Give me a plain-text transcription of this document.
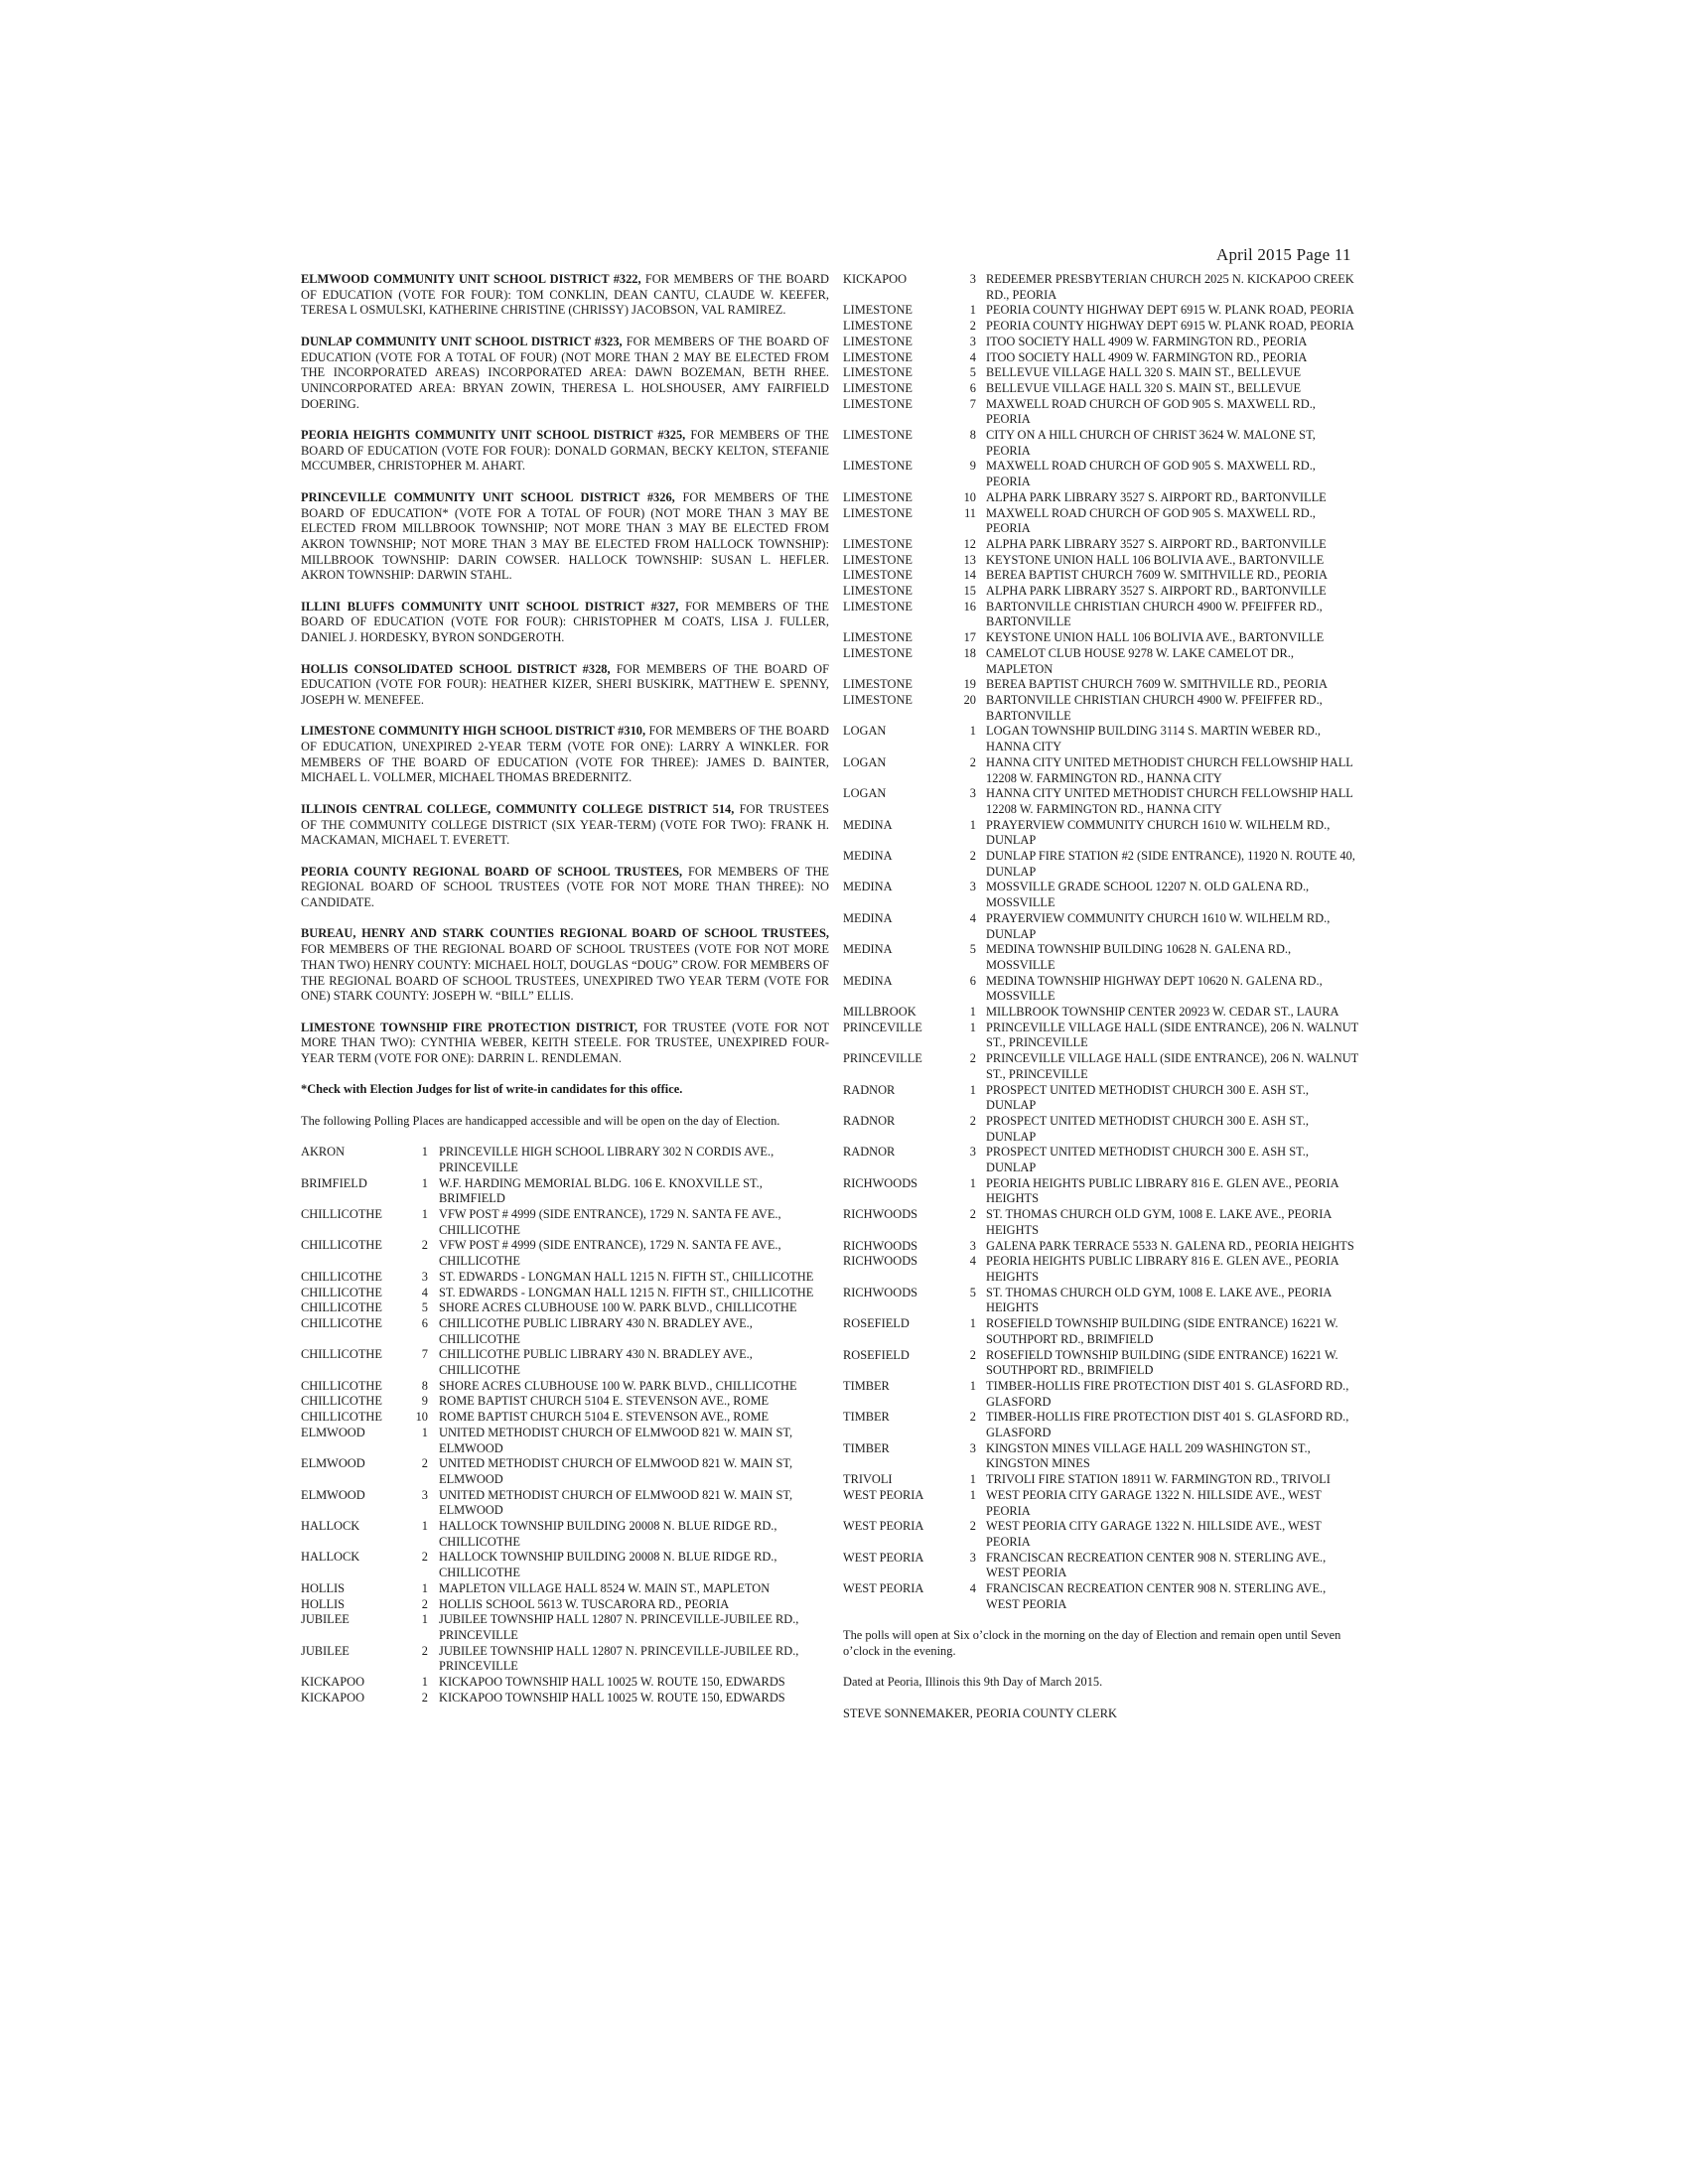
April 2015 Page 11
ELMWOOD COMMUNITY UNIT SCHOOL DISTRICT #322, FOR MEMBERS OF THE BOARD OF EDUCATION (VOTE FOR FOUR): TOM CONKLIN, DEAN CANTU, CLAUDE W. KEEFER, TERESA L OSMULSKI, KATHERINE CHRISTINE (CHRISSY) JACOBSON, VAL RAMIREZ.
DUNLAP COMMUNITY UNIT SCHOOL DISTRICT #323, FOR MEMBERS OF THE BOARD OF EDUCATION (VOTE FOR A TOTAL OF FOUR) (NOT MORE THAN 2 MAY BE ELECTED FROM THE INCORPORATED AREAS) INCORPORATED AREA: DAWN BOZEMAN, BETH RHEE. UNINCORPORATED AREA: BRYAN ZOWIN, THERESA L. HOLSHOUSER, AMY FAIRFIELD DOERING.
PEORIA HEIGHTS COMMUNITY UNIT SCHOOL DISTRICT #325, FOR MEMBERS OF THE BOARD OF EDUCATION (VOTE FOR FOUR): DONALD GORMAN, BECKY KELTON, STEFANIE MCCUMBER, CHRISTOPHER M. AHART.
PRINCEVILLE COMMUNITY UNIT SCHOOL DISTRICT #326, FOR MEMBERS OF THE BOARD OF EDUCATION* (VOTE FOR A TOTAL OF FOUR) (NOT MORE THAN 3 MAY BE ELECTED FROM MILLBROOK TOWNSHIP; NOT MORE THAN 3 MAY BE ELECTED FROM AKRON TOWNSHIP; NOT MORE THAN 3 MAY BE ELECTED FROM HALLOCK TOWNSHIP): MILLBROOK TOWNSHIP: DARIN COWSER. HALLOCK TOWNSHIP: SUSAN L. HEFLER. AKRON TOWNSHIP: DARWIN STAHL.
ILLINI BLUFFS COMMUNITY UNIT SCHOOL DISTRICT #327, FOR MEMBERS OF THE BOARD OF EDUCATION (VOTE FOR FOUR): CHRISTOPHER M COATS, LISA J. FULLER, DANIEL J. HORDESKY, BYRON SONDGEROTH.
HOLLIS CONSOLIDATED SCHOOL DISTRICT #328, FOR MEMBERS OF THE BOARD OF EDUCATION (VOTE FOR FOUR): HEATHER KIZER, SHERI BUSKIRK, MATTHEW E. SPENNY, JOSEPH W. MENEFEE.
LIMESTONE COMMUNITY HIGH SCHOOL DISTRICT #310, FOR MEMBERS OF THE BOARD OF EDUCATION, UNEXPIRED 2-YEAR TERM (VOTE FOR ONE): LARRY A WINKLER. FOR MEMBERS OF THE BOARD OF EDUCATION (VOTE FOR THREE): JAMES D. BAINTER, MICHAEL L. VOLLMER, MICHAEL THOMAS BREDERNITZ.
ILLINOIS CENTRAL COLLEGE, COMMUNITY COLLEGE DISTRICT 514, FOR TRUSTEES OF THE COMMUNITY COLLEGE DISTRICT (SIX YEAR-TERM) (VOTE FOR TWO): FRANK H. MACKAMAN, MICHAEL T. EVERETT.
PEORIA COUNTY REGIONAL BOARD OF SCHOOL TRUSTEES, FOR MEMBERS OF THE REGIONAL BOARD OF SCHOOL TRUSTEES (VOTE FOR NOT MORE THAN THREE): NO CANDIDATE.
BUREAU, HENRY AND STARK COUNTIES REGIONAL BOARD OF SCHOOL TRUSTEES, FOR MEMBERS OF THE REGIONAL BOARD OF SCHOOL TRUSTEES (VOTE FOR NOT MORE THAN TWO) HENRY COUNTY: MICHAEL HOLT, DOUGLAS “DOUG” CROW. FOR MEMBERS OF THE REGIONAL BOARD OF SCHOOL TRUSTEES, UNEXPIRED TWO YEAR TERM (VOTE FOR ONE) STARK COUNTY: JOSEPH W. “BILL” ELLIS.
LIMESTONE TOWNSHIP FIRE PROTECTION DISTRICT, FOR TRUSTEE (VOTE FOR NOT MORE THAN TWO): CYNTHIA WEBER, KEITH STEELE. FOR TRUSTEE, UNEXPIRED FOUR-YEAR TERM (VOTE FOR ONE): DARRIN L. RENDLEMAN.
*Check with Election Judges for list of write-in candidates for this office.
The following Polling Places are handicapped accessible and will be open on the day of Election.
AKRON	1 PRINCEVILLE HIGH SCHOOL LIBRARY 302 N CORDIS AVE., PRINCEVILLE
BRIMFIELD	1 W.F. HARDING MEMORIAL BLDG. 106 E. KNOXVILLE ST., BRIMFIELD
CHILLICOTHE	1 VFW POST # 4999 (SIDE ENTRANCE), 1729 N. SANTA FE AVE., CHILLICOTHE
CHILLICOTHE	2 VFW POST # 4999 (SIDE ENTRANCE), 1729 N. SANTA FE AVE., CHILLICOTHE
CHILLICOTHE	3 ST. EDWARDS - LONGMAN HALL 1215 N. FIFTH ST., CHILLICOTHE
CHILLICOTHE	4 ST. EDWARDS - LONGMAN HALL 1215 N. FIFTH ST., CHILLICOTHE
CHILLICOTHE	5 SHORE ACRES CLUBHOUSE 100 W. PARK BLVD., CHILLICOTHE
CHILLICOTHE	6 CHILLICOTHE PUBLIC LIBRARY 430 N. BRADLEY AVE., CHILLICOTHE
CHILLICOTHE	7 CHILLICOTHE PUBLIC LIBRARY 430 N. BRADLEY AVE., CHILLICOTHE
CHILLICOTHE	8 SHORE ACRES CLUBHOUSE 100 W. PARK BLVD., CHILLICOTHE
CHILLICOTHE	9 ROME BAPTIST CHURCH 5104 E. STEVENSON AVE., ROME
CHILLICOTHE	10 ROME BAPTIST CHURCH 5104 E. STEVENSON AVE., ROME
ELMWOOD	1 UNITED METHODIST CHURCH OF ELMWOOD 821 W. MAIN ST, ELMWOOD
ELMWOOD	2 UNITED METHODIST CHURCH OF ELMWOOD 821 W. MAIN ST, ELMWOOD
ELMWOOD	3 UNITED METHODIST CHURCH OF ELMWOOD 821 W. MAIN ST, ELMWOOD
HALLOCK	1 HALLOCK TOWNSHIP BUILDING 20008 N. BLUE RIDGE RD., CHILLICOTHE
HALLOCK	2 HALLOCK TOWNSHIP BUILDING 20008 N. BLUE RIDGE RD., CHILLICOTHE
HOLLIS	1 MAPLETON VILLAGE HALL 8524 W. MAIN ST., MAPLETON
HOLLIS	2 HOLLIS SCHOOL 5613 W. TUSCARORA RD., PEORIA
JUBILEE	1 JUBILEE TOWNSHIP HALL 12807 N. PRINCEVILLE-JUBILEE RD., PRINCEVILLE
JUBILEE	2 JUBILEE TOWNSHIP HALL 12807 N. PRINCEVILLE-JUBILEE RD., PRINCEVILLE
KICKAPOO	1 KICKAPOO TOWNSHIP HALL 10025 W. ROUTE 150, EDWARDS
KICKAPOO	2 KICKAPOO TOWNSHIP HALL 10025 W. ROUTE 150, EDWARDS
KICKAPOO	3 REDEEMER PRESBYTERIAN CHURCH 2025 N. KICKAPOO CREEK RD., PEORIA
LIMESTONE	1 PEORIA COUNTY HIGHWAY DEPT 6915 W. PLANK ROAD, PEORIA
LIMESTONE	2 PEORIA COUNTY HIGHWAY DEPT 6915 W. PLANK ROAD, PEORIA
LIMESTONE	3 ITOO SOCIETY HALL 4909 W. FARMINGTON RD., PEORIA
LIMESTONE	4 ITOO SOCIETY HALL 4909 W. FARMINGTON RD., PEORIA
LIMESTONE	5 BELLEVUE VILLAGE HALL 320 S. MAIN ST., BELLEVUE
LIMESTONE	6 BELLEVUE VILLAGE HALL 320 S. MAIN ST., BELLEVUE
LIMESTONE	7 MAXWELL ROAD CHURCH OF GOD 905 S. MAXWELL RD., PEORIA
LIMESTONE	8 CITY ON A HILL CHURCH OF CHRIST 3624 W. MALONE ST, PEORIA
LIMESTONE	9 MAXWELL ROAD CHURCH OF GOD 905 S. MAXWELL RD., PEORIA
LIMESTONE	10 ALPHA PARK LIBRARY 3527 S. AIRPORT RD., BARTONVILLE
LIMESTONE	11 MAXWELL ROAD CHURCH OF GOD 905 S. MAXWELL RD., PEORIA
LIMESTONE	12 ALPHA PARK LIBRARY 3527 S. AIRPORT RD., BARTONVILLE
LIMESTONE	13 KEYSTONE UNION HALL 106 BOLIVIA AVE., BARTONVILLE
LIMESTONE	14 BEREA BAPTIST CHURCH 7609 W. SMITHVILLE RD., PEORIA
LIMESTONE	15 ALPHA PARK LIBRARY 3527 S. AIRPORT RD., BARTONVILLE
LIMESTONE	16 BARTONVILLE CHRISTIAN CHURCH 4900 W. PFEIFFER RD., BARTONVILLE
LIMESTONE	17 KEYSTONE UNION HALL 106 BOLIVIA AVE., BARTONVILLE
LIMESTONE	18 CAMELOT CLUB HOUSE 9278 W. LAKE CAMELOT DR., MAPLETON
LIMESTONE	19 BEREA BAPTIST CHURCH 7609 W. SMITHVILLE RD., PEORIA
LIMESTONE	20 BARTONVILLE CHRISTIAN CHURCH 4900 W. PFEIFFER RD., BARTONVILLE
LOGAN	1 LOGAN TOWNSHIP BUILDING 3114 S. MARTIN WEBER RD., HANNA CITY
LOGAN	2 HANNA CITY UNITED METHODIST CHURCH FELLOWSHIP HALL 12208 W. FARMINGTON RD., HANNA CITY
LOGAN	3 HANNA CITY UNITED METHODIST CHURCH FELLOWSHIP HALL 12208 W. FARMINGTON RD., HANNA CITY
MEDINA	1 PRAYERVIEW COMMUNITY CHURCH 1610 W. WILHELM RD., DUNLAP
MEDINA	2 DUNLAP FIRE STATION #2 (SIDE ENTRANCE), 11920 N. ROUTE 40, DUNLAP
MEDINA	3 MOSSVILLE GRADE SCHOOL 12207 N. OLD GALENA RD., MOSSVILLE
MEDINA	4 PRAYERVIEW COMMUNITY CHURCH 1610 W. WILHELM RD., DUNLAP
MEDINA	5 MEDINA TOWNSHIP BUILDING 10628 N. GALENA RD., MOSSVILLE
MEDINA	6 MEDINA TOWNSHIP HIGHWAY DEPT 10620 N. GALENA RD., MOSSVILLE
MILLBROOK	1 MILLBROOK TOWNSHIP CENTER 20923 W. CEDAR ST., LAURA
PRINCEVILLE	1 PRINCEVILLE VILLAGE HALL (SIDE ENTRANCE), 206 N. WALNUT ST., PRINCEVILLE
PRINCEVILLE	2 PRINCEVILLE VILLAGE HALL (SIDE ENTRANCE), 206 N. WALNUT ST., PRINCEVILLE
RADNOR	1 PROSPECT UNITED METHODIST CHURCH 300 E. ASH ST., DUNLAP
RADNOR	2 PROSPECT UNITED METHODIST CHURCH 300 E. ASH ST., DUNLAP
RADNOR	3 PROSPECT UNITED METHODIST CHURCH 300 E. ASH ST., DUNLAP
RICHWOODS	1 PEORIA HEIGHTS PUBLIC LIBRARY 816 E. GLEN AVE., PEORIA HEIGHTS
RICHWOODS	2 ST. THOMAS CHURCH OLD GYM, 1008 E. LAKE AVE., PEORIA HEIGHTS
RICHWOODS	3 GALENA PARK TERRACE 5533 N. GALENA RD., PEORIA HEIGHTS
RICHWOODS	4 PEORIA HEIGHTS PUBLIC LIBRARY 816 E. GLEN AVE., PEORIA HEIGHTS
RICHWOODS	5 ST. THOMAS CHURCH OLD GYM, 1008 E. LAKE AVE., PEORIA HEIGHTS
ROSEFIELD	1 ROSEFIELD TOWNSHIP BUILDING (SIDE ENTRANCE) 16221 W. SOUTHPORT RD., BRIMFIELD
ROSEFIELD	2 ROSEFIELD TOWNSHIP BUILDING (SIDE ENTRANCE) 16221 W. SOUTHPORT RD., BRIMFIELD
TIMBER	1 TIMBER-HOLLIS FIRE PROTECTION DIST 401 S. GLASFORD RD., GLASFORD
TIMBER	2 TIMBER-HOLLIS FIRE PROTECTION DIST 401 S. GLASFORD RD., GLASFORD
TIMBER	3 KINGSTON MINES VILLAGE HALL 209 WASHINGTON ST., KINGSTON MINES
TRIVOLI	1 TRIVOLI FIRE STATION 18911 W. FARMINGTON RD., TRIVOLI
WEST PEORIA	1 WEST PEORIA CITY GARAGE 1322 N. HILLSIDE AVE., WEST PEORIA
WEST PEORIA	2 WEST PEORIA CITY GARAGE 1322 N. HILLSIDE AVE., WEST PEORIA
WEST PEORIA	3 FRANCISCAN RECREATION CENTER 908 N. STERLING AVE., WEST PEORIA
WEST PEORIA	4 FRANCISCAN RECREATION CENTER 908 N. STERLING AVE., WEST PEORIA
The polls will open at Six o’clock in the morning on the day of Election and remain open until Seven o’clock in the evening.
Dated at Peoria, Illinois this 9th Day of March 2015.
STEVE SONNEMAKER, PEORIA COUNTY CLERK
